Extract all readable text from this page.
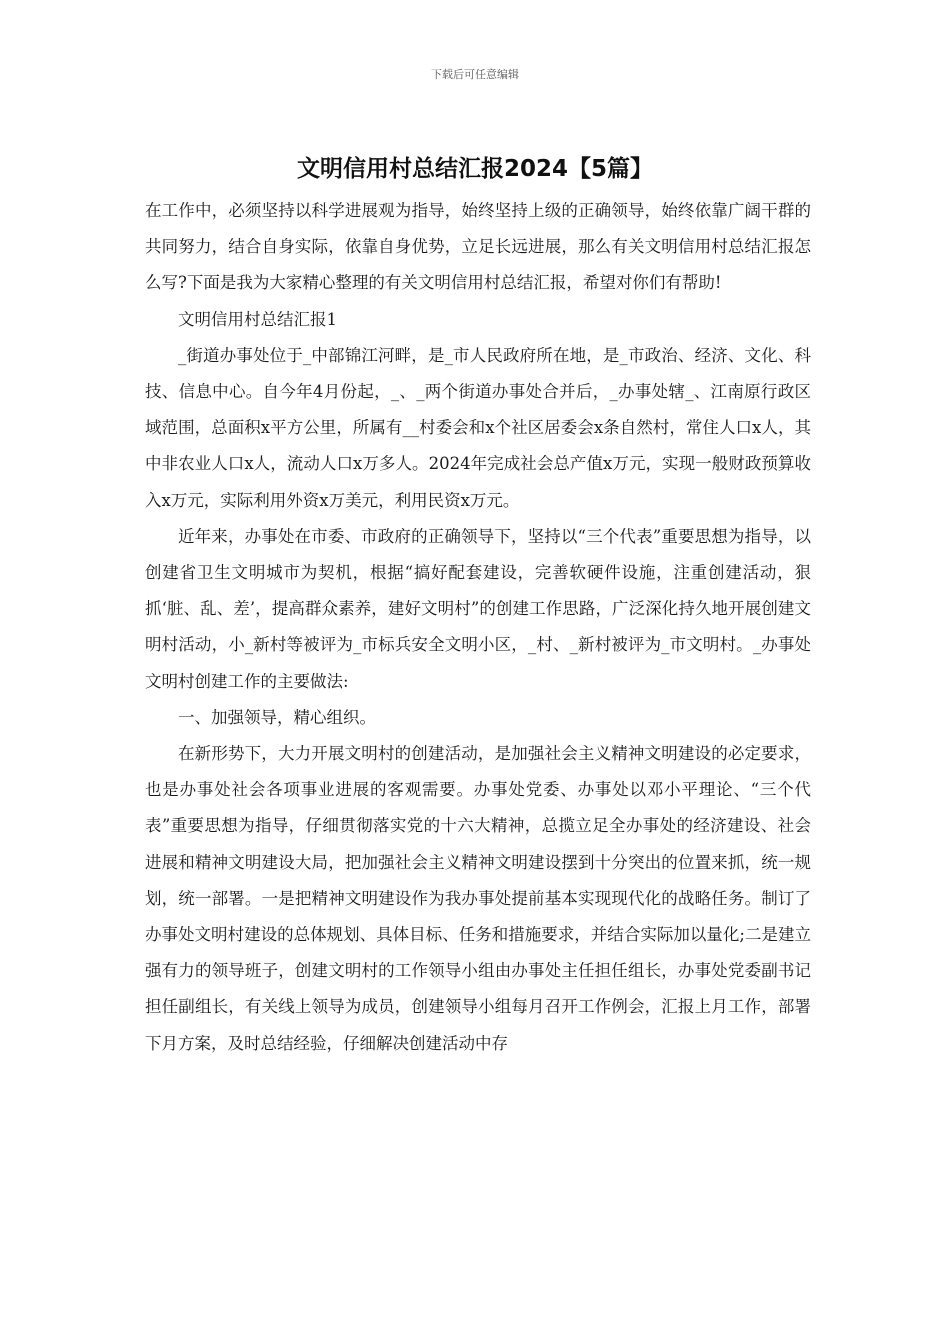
下载后可任意编辑
文明信用村总结汇报2024【5篇】

在工作中，必须坚持以科学进展观为指导，始终坚持上级的正确领导，始终依靠广阔干群的共同努力，结合自身实际，依靠自身优势，立足长远进展，那么有关文明信用村总结汇报怎么写?下面是我为大家精心整理的有关文明信用村总结汇报，希望对你们有帮助!

文明信用村总结汇报1

_街道办事处位于_中部锦江河畔，是_市人民政府所在地，是_市政治、经济、文化、科技、信息中心。自今年4月份起，_、_两个街道办事处合并后，_办事处辖_、江南原行政区域范围，总面积x平方公里，所属有__村委会和x个社区居委会x条自然村，常住人口x人，其中非农业人口x人，流动人口x万多人。2024年完成社会总产值x万元，实现一般财政预算收入x万元，实际利用外资x万美元，利用民资x万元。

近年来，办事处在市委、市政府的正确领导下，坚持以“三个代表”重要思想为指导，以创建省卫生文明城市为契机，根据“搞好配套建设，完善软硬件设施，注重创建活动，狠抓‘脏、乱、差’，提高群众素养，建好文明村”的创建工作思路，广泛深化持久地开展创建文明村活动，小_新村等被评为_市标兵安全文明小区，_村、_新村被评为_市文明村。_办事处文明村创建工作的主要做法:

一、加强领导，精心组织。

在新形势下，大力开展文明村的创建活动，是加强社会主义精神文明建设的必定要求，也是办事处社会各项事业进展的客观需要。办事处党委、办事处以邓小平理论、“三个代表”重要思想为指导，仔细贯彻落实党的十六大精神，总揽立足全办事处的经济建设、社会进展和精神文明建设大局，把加强社会主义精神文明建设摆到十分突出的位置来抓，统一规划，统一部署。一是把精神文明建设作为我办事处提前基本实现现代化的战略任务。制订了办事处文明村建设的总体规划、具体目标、任务和措施要求，并结合实际加以量化;二是建立强有力的领导班子，创建文明村的工作领导小组由办事处主任担任组长，办事处党委副书记担任副组长，有关线上领导为成员，创建领导小组每月召开工作例会，汇报上月工作，部署下月方案，及时总结经验，仔细解决创建活动中存
